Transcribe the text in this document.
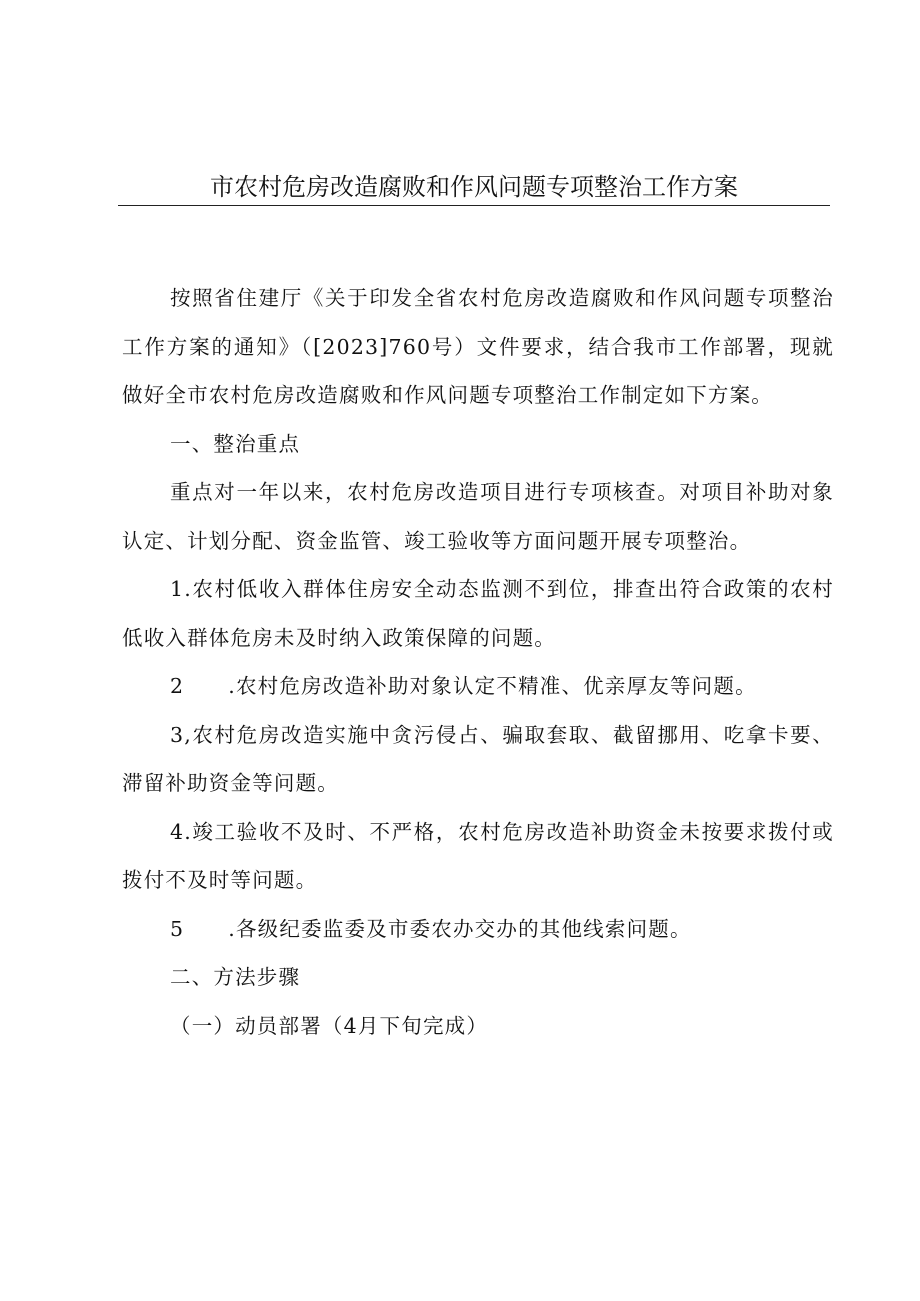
市农村危房改造腐败和作风问题专项整治工作方案

按照省住建厅《关于印发全省农村危房改造腐败和作风问题专项整治工作方案的通知》（[2023]760号）文件要求，结合我市工作部署，现就做好全市农村危房改造腐败和作风问题专项整治工作制定如下方案。

一、整治重点

重点对一年以来，农村危房改造项目进行专项核查。对项目补助对象认定、计划分配、资金监管、竣工验收等方面问题开展专项整治。

1.农村低收入群体住房安全动态监测不到位，排查出符合政策的农村低收入群体危房未及时纳入政策保障的问题。

2 .农村危房改造补助对象认定不精准、优亲厚友等问题。

3,农村危房改造实施中贪污侵占、骗取套取、截留挪用、吃拿卡要、滞留补助资金等问题。

4.竣工验收不及时、不严格，农村危房改造补助资金未按要求拨付或拨付不及时等问题。

5 .各级纪委监委及市委农办交办的其他线索问题。

二、方法步骤

（一）动员部署（4月下旬完成）
